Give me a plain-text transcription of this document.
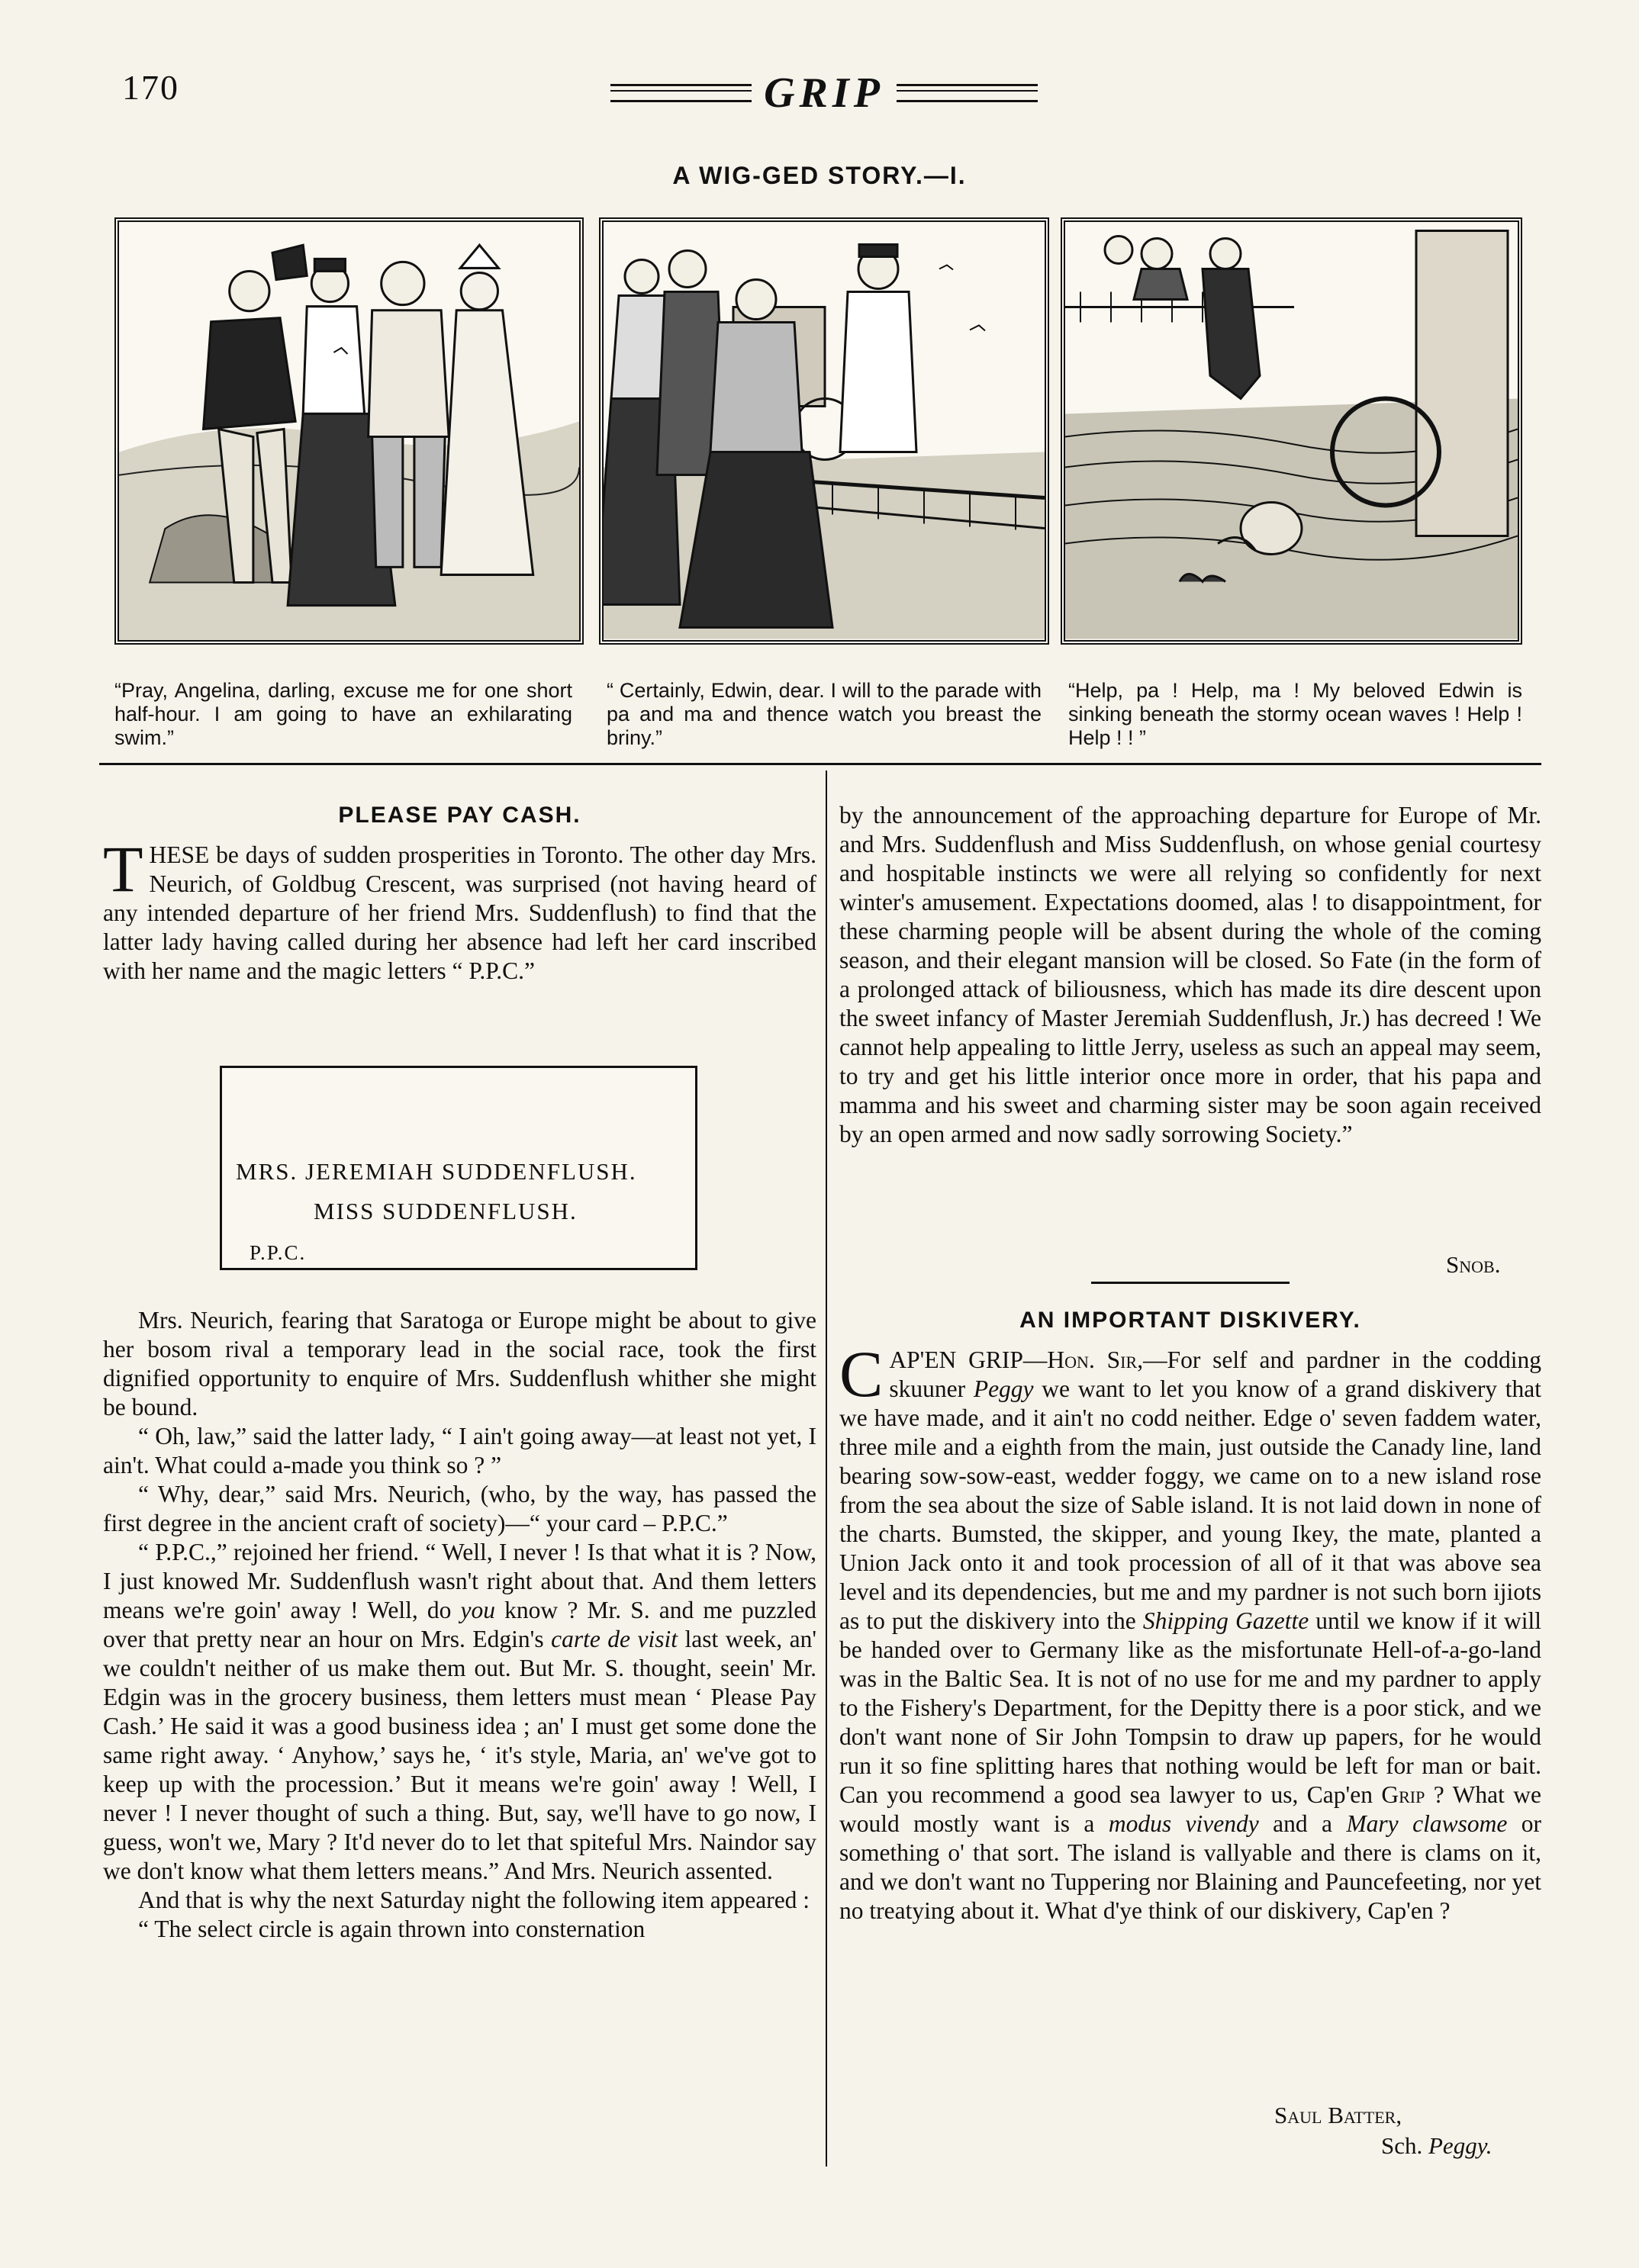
170	GRIP
A WIG-GED STORY.—I.
“Pray, Angelina, darling, excuse me for one short half-hour. I am going to have an exhilarating swim.”
“ Certainly, Edwin, dear. I will to the parade with pa and ma and thence watch you breast the briny.”
“Help, pa ! Help, ma ! My beloved Edwin is sinking beneath the stormy ocean waves ! Help ! Help ! ! ”
PLEASE PAY CASH.

THESE be days of sudden prosperities in Toronto. The other day Mrs. Neurich, of Goldbug Crescent, was surprised (not having heard of any intended departure of her friend Mrs. Suddenflush) to find that the latter lady having called during her absence had left her card inscribed with her name and the magic letters “ P.P.C.”

MRS. JEREMIAH SUDDENFLUSH.
MISS SUDDENFLUSH.
P.P.C.

Mrs. Neurich, fearing that Saratoga or Europe might be about to give her bosom rival a temporary lead in the social race, took the first dignified opportunity to enquire of Mrs. Suddenflush whither she might be bound.

“ Oh, law,” said the latter lady, “ I ain't going away—at least not yet, I ain't. What could a-made you think so ? ”

“ Why, dear,” said Mrs. Neurich, (who, by the way, has passed the first degree in the ancient craft of society)—“ your card – P.P.C.”

“ P.P.C.,” rejoined her friend. “ Well, I never ! Is that what it is ? Now, I just knowed Mr. Suddenflush wasn't right about that. And them letters means we're goin' away ! Well, do you know ? Mr. S. and me puzzled over that pretty near an hour on Mrs. Edgin's carte de visit last week, an' we couldn't neither of us make them out. But Mr. S. thought, seein' Mr. Edgin was in the grocery business, them letters must mean ‘ Please Pay Cash.’ He said it was a good business idea ; an' I must get some done the same right away. ‘ Anyhow,’ says he, ‘ it's style, Maria, an' we've got to keep up with the procession.’ But it means we're goin' away ! Well, I never ! I never thought of such a thing. But, say, we'll have to go now, I guess, won't we, Mary ? It'd never do to let that spiteful Mrs. Naindor say we don't know what them letters means.” And Mrs. Neurich assented.

And that is why the next Saturday night the following item appeared :

“ The select circle is again thrown into consternation

by the announcement of the approaching departure for Europe of Mr. and Mrs. Suddenflush and Miss Suddenflush, on whose genial courtesy and hospitable instincts we were all relying so confidently for next winter's amusement. Expectations doomed, alas ! to disappointment, for these charming people will be absent during the whole of the coming season, and their elegant mansion will be closed. So Fate (in the form of a prolonged attack of biliousness, which has made its dire descent upon the sweet infancy of Master Jeremiah Suddenflush, Jr.) has decreed ! We cannot help appealing to little Jerry, useless as such an appeal may seem, to try and get his little interior once more in order, that his papa and mamma and his sweet and charming sister may be soon again received by an open armed and now sadly sorrowing Society.”

Snob.
AN IMPORTANT DISKIVERY.

CAP'EN GRIP—Hon. Sir,—For self and pardner in the codding skuuner Peggy we want to let you know of a grand diskivery that we have made, and it ain't no codd neither. Edge o' seven faddem water, three mile and a eighth from the main, just outside the Canady line, land bearing sow-sow-east, wedder foggy, we came on to a new island rose from the sea about the size of Sable island. It is not laid down in none of the charts. Bumsted, the skipper, and young Ikey, the mate, planted a Union Jack onto it and took procession of all of it that was above sea level and its dependencies, but me and my pardner is not such born ijiots as to put the diskivery into the Shipping Gazette until we know if it will be handed over to Germany like as the misfortunate Hell-of-a-go-land was in the Baltic Sea. It is not of no use for me and my pardner to apply to the Fishery's Department, for the Depitty there is a poor stick, and we don't want none of Sir John Tompsin to draw up papers, for he would run it so fine splitting hares that nothing would be left for man or bait. Can you recommend a good sea lawyer to us, Cap'en Grip ? What we would mostly want is a modus vivendy and a Mary clawsome or something o' that sort. The island is vallyable and there is clams on it, and we don't want no Tuppering nor Blaining and Pauncefeeting, nor yet no treatying about it. What d'ye think of our diskivery, Cap'en ?

Saul Batter,
Sch. Peggy.
